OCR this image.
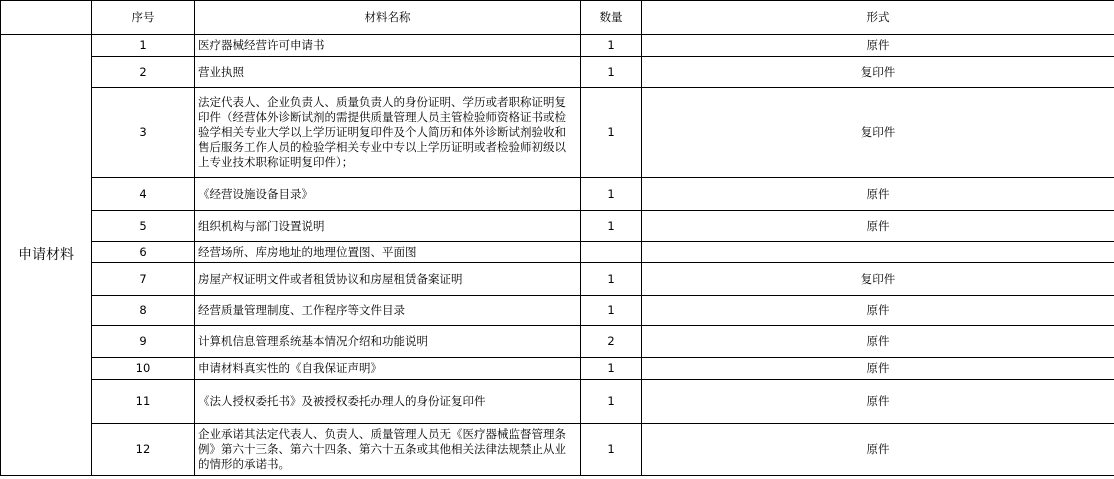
	序号	材料名称	数量	形式
申请材料	1	医疗器械经营许可申请书	1	原件
	2	营业执照	1	复印件
	3	法定代表人、企业负责人、质量负责人的身份证明、学历或者职称证明复印件（经营体外诊断试剂的需提供质量管理人员主管检验师资格证书或检验学相关专业大学以上学历证明复印件及个人简历和体外诊断试剂验收和售后服务工作人员的检验学相关专业中专以上学历证明或者检验师初级以上专业技术职称证明复印件）；	1	复印件
	4	《经营设施设备目录》	1	原件
	5	组织机构与部门设置说明	1	原件
	6	经营场所、库房地址的地理位置图、平面图		
	7	房屋产权证明文件或者租赁协议和房屋租赁备案证明	1	复印件
	8	经营质量管理制度、工作程序等文件目录	1	原件
	9	计算机信息管理系统基本情况介绍和功能说明	2	原件
	10	申请材料真实性的《自我保证声明》	1	原件
	11	《法人授权委托书》及被授权委托办理人的身份证复印件	1	原件
	12	企业承诺其法定代表人、负责人、质量管理人员无《医疗器械监督管理条例》第六十三条、第六十四条、第六十五条或其他相关法律法规禁止从业的情形的承诺书。	1	原件
